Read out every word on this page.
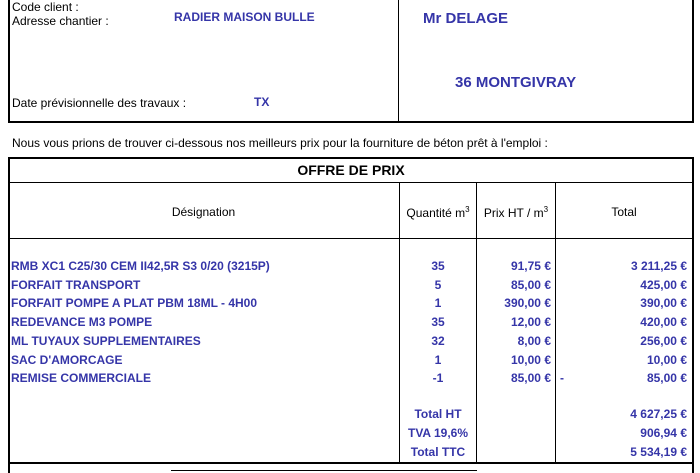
Code client :
Adresse chantier :	RADIER MAISON BULLE
Date prévisionnelle des travaux :	TX
Mr DELAGE
36 MONTGIVRAY
Nous vous prions de trouver ci-dessous nos meilleurs prix pour la fourniture de béton prêt à l'emploi :
OFFRE DE PRIX
Désignation	Quantité $m^3$	Prix HT / $m^3$	Total
RMB XC1 C25/30 CEM II42,5R S3 0/20 (3215P)	35	91,75 €	3 211,25 €
FORFAIT TRANSPORT	5	85,00 €	425,00 €
FORFAIT POMPE A PLAT PBM 18ML - 4H00	1	390,00 €	390,00 €
REDEVANCE M3 POMPE	35	12,00 €	420,00 €
ML TUYAUX SUPPLEMENTAIRES	32	8,00 €	256,00 €
SAC D'AMORCAGE	1	10,00 €	10,00 €
REMISE COMMERCIALE	-1	85,00 € -	85,00 €
Total HT	4 627,25 €
TVA 19,6%	906,94 €
Total TTC	5 534,19 €
